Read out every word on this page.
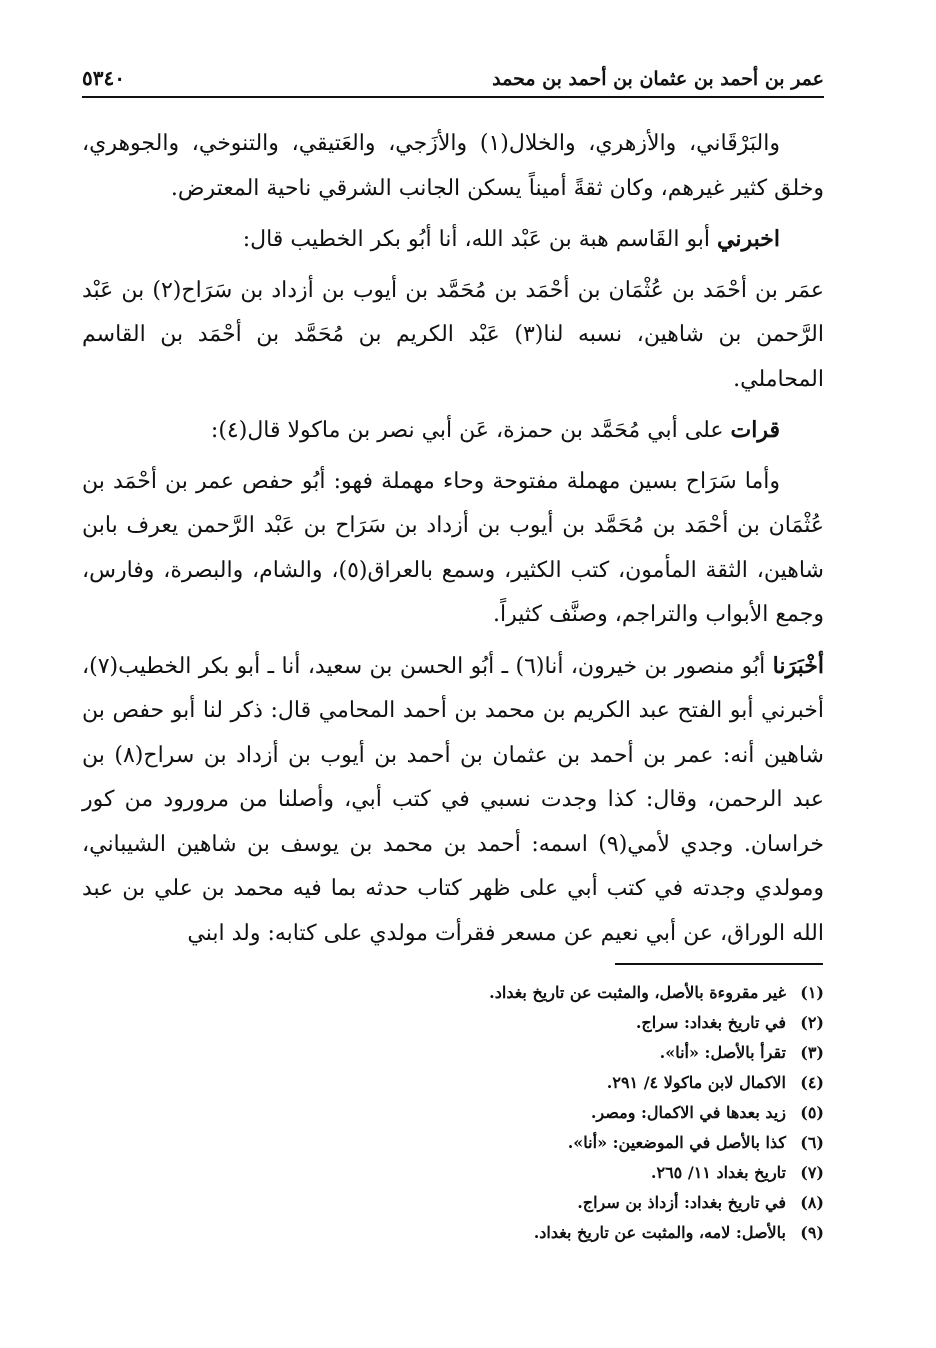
عمر بن أحمد بن عثمان بن أحمد بن محمد
٥٣٤٠

والبَرْقَاني، والأزهري، والخلال(١) والأزَجي، والعَتيقي، والتنوخي، والجوهري، وخلق كثير غيرهم، وكان ثقةً أميناً يسكن الجانب الشرقي ناحية المعترض.

اخبرني أبو القَاسم هبة بن عَبْد الله، أنا أبُو بكر الخطيب قال:

عمَر بن أحْمَد بن عُثْمَان بن أحْمَد بن مُحَمَّد بن أيوب بن أزداد بن سَرَاح(٢) بن عَبْد الرَّحمن بن شاهين، نسبه لنا(٣) عَبْد الكريم بن مُحَمَّد بن أحْمَد بن القاسم المحاملي.

قرات على أبي مُحَمَّد بن حمزة، عَن أبي نصر بن ماكولا قال(٤):

وأما سَرَاح بسين مهملة مفتوحة وحاء مهملة فهو: أبُو حفص عمر بن أحْمَد بن عُثْمَان بن أحْمَد بن مُحَمَّد بن أيوب بن أزداد بن سَرَاح بن عَبْد الرَّحمن يعرف بابن شاهين، الثقة المأمون، كتب الكثير، وسمع بالعراق(٥)، والشام، والبصرة، وفارس، وجمع الأبواب والتراجم، وصنَّف كثيراً.

أخْبَرَنا أبُو منصور بن خيرون، أنا(٦) ـ أبُو الحسن بن سعيد، أنا ـ أبو بكر الخطيب(٧)، أخبرني أبو الفتح عبد الكريم بن محمد بن أحمد المحامي قال: ذكر لنا أبو حفص بن شاهين أنه: عمر بن أحمد بن عثمان بن أحمد بن أيوب بن أزداد بن سراح(٨) بن عبد الرحمن، وقال: كذا وجدت نسبي في كتب أبي، وأصلنا من مرورود من كور خراسان. وجدي لأمي(٩) اسمه: أحمد بن محمد بن يوسف بن شاهين الشيباني، ومولدي وجدته في كتب أبي على ظهر كتاب حدثه بما فيه محمد بن علي بن عبد الله الوراق، عن أبي نعيم عن مسعر فقرأت مولدي على كتابه: ولد ابني

(١)
غير مقروءة بالأصل، والمثبت عن تاريخ بغداد.
(٢)
في تاريخ بغداد: سراج.
(٣)
تقرأ بالأصل: «أنا».
(٤)
الاكمال لابن ماكولا ٤/ ٢٩١.
(٥)
زيد بعدها في الاكمال: ومصر.
(٦)
كذا بالأصل في الموضعين: «أنا».
(٧)
تاريخ بغداد ١١/ ٢٦٥.
(٨)
في تاريخ بغداد: أزداذ بن سراج.
(٩)
بالأصل: لامه، والمثبت عن تاريخ بغداد.
